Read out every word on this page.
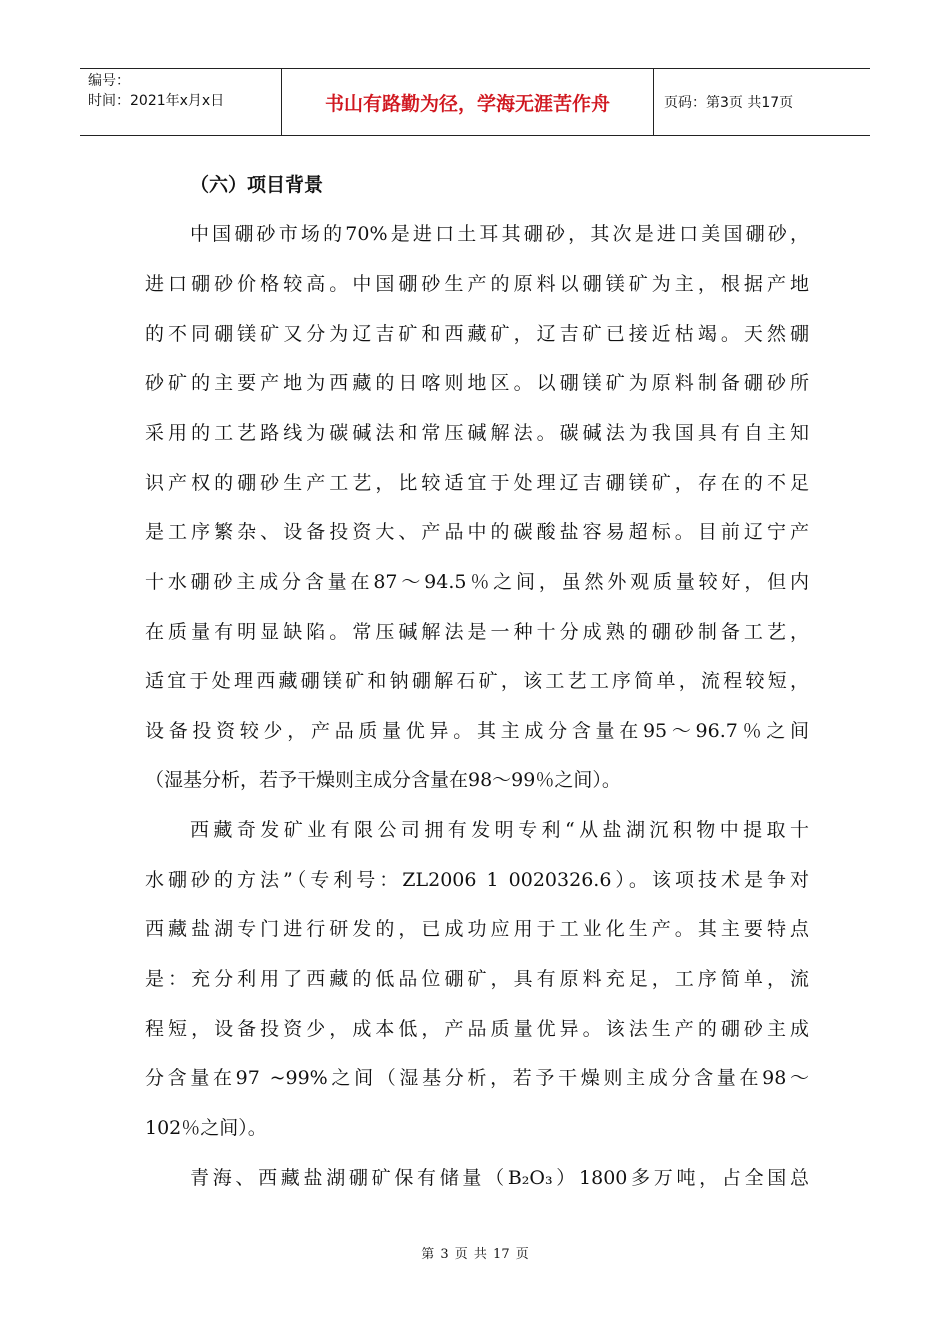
编号：
时间：2021年x月x日	书山有路勤为径，学海无涯苦作舟	页码：第3页 共17页
（六）项目背景
中国硼砂市场的70%是进口土耳其硼砂，其次是进口美国硼砂，
进口硼砂价格较高。中国硼砂生产的原料以硼镁矿为主，根据产地
的不同硼镁矿又分为辽吉矿和西藏矿，辽吉矿已接近枯竭。天然硼
砂矿的主要产地为西藏的日喀则地区。以硼镁矿为原料制备硼砂所
采用的工艺路线为碳碱法和常压碱解法。碳碱法为我国具有自主知
识产权的硼砂生产工艺，比较适宜于处理辽吉硼镁矿，存在的不足
是工序繁杂、设备投资大、产品中的碳酸盐容易超标。目前辽宁产
十水硼砂主成分含量在87～94.5％之间，虽然外观质量较好，但内
在质量有明显缺陷。常压碱解法是一种十分成熟的硼砂制备工艺，
适宜于处理西藏硼镁矿和钠硼解石矿，该工艺工序简单，流程较短，
设备投资较少，产品质量优异。其主成分含量在95～96.7％之间
（湿基分析，若予干燥则主成分含量在98～99％之间）。
西藏奇发矿业有限公司拥有发明专利“从盐湖沉积物中提取十
水硼砂的方法”（专利号：ZL2006 1 0020326.6）。该项技术是争对
西藏盐湖专门进行研发的，已成功应用于工业化生产。其主要特点
是：充分利用了西藏的低品位硼矿，具有原料充足，工序简单，流
程短，设备投资少，成本低，产品质量优异。该法生产的硼砂主成
分含量在97 ~99%之间（湿基分析，若予干燥则主成分含量在98～
102％之间）。
青海、西藏盐湖硼矿保有储量（B₂O₃）1800多万吨，占全国总
第 3 页 共 17 页
